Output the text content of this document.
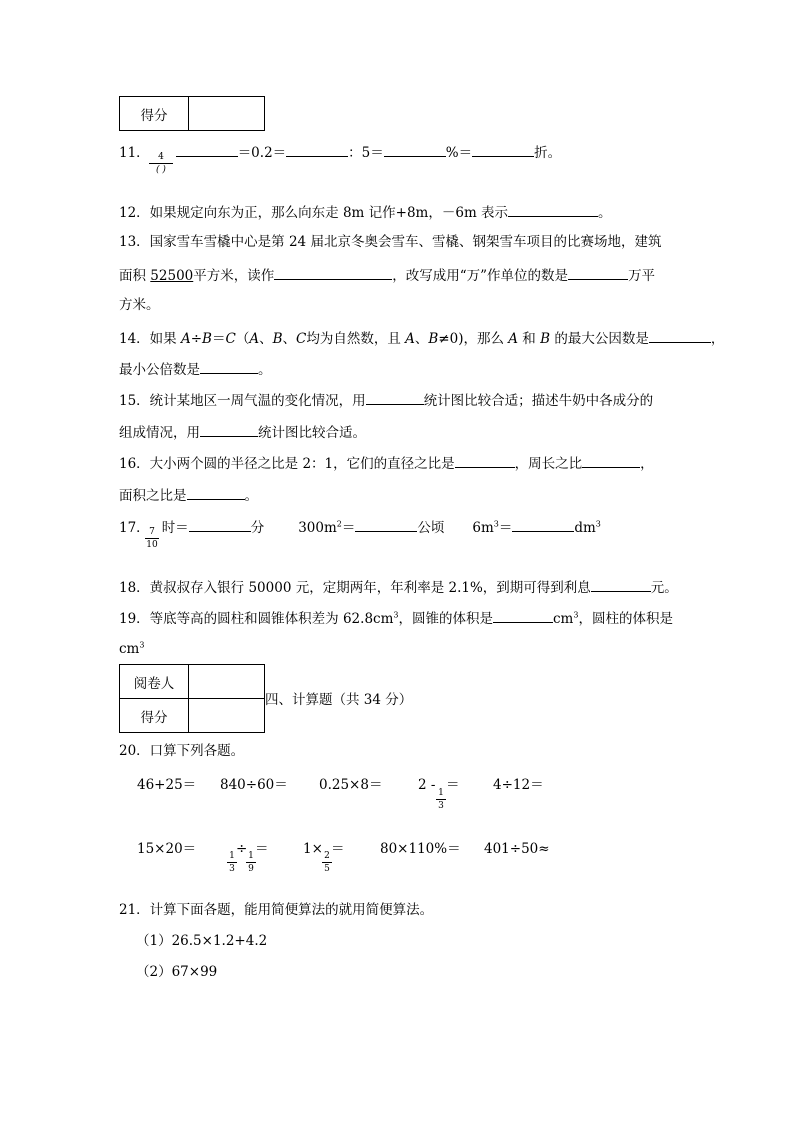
得分	
11．	＝0.2＝	：5＝	%＝	折。
4
( )
12．如果规定向东为正，那么向东走 8m 记作+8m，－6m 表示	。
13．国家雪车雪橇中心是第 24 届北京冬奥会雪车、雪橇、钢架雪车项目的比赛场地，建筑
面积 52500平方米，读作	，改写成用“万”作单位的数是	万平
方米。
14．如果 A÷B＝C（A、B、C均为自然数，且 A、B≠0)，那么 A 和 B 的最大公因数是	，
最小公倍数是	。
15．统计某地区一周气温的变化情况，用	统计图比较合适；描述牛奶中各成分的
组成情况，用	统计图比较合适。
16．大小两个圆的半径之比是 2：1，它们的直径之比是	，周长之比	，
面积之比是	。
17． 时＝	分	$300m^2=$	公顷 $6m^3=$	$dm^3$
7
10
18．黄叔叔存入银行 50000 元，定期两年，年利率是 2.1%，到期可得到利息	元。
19．等底等高的圆柱和圆锥体积差为 $62.8cm^3$，圆锥的体积是	$cm^3$，圆柱的体积是
$cm^3$
阅卷人	
得分	
四、计算题（共 34 分）
20．口算下列各题。
46+25＝ 840÷60＝ 0.25×8＝	2 - ＝
1
3
4÷12＝
15×20＝	1
3
÷ 1
9
＝	1× 2
5
＝	80×110%＝ 401÷50≈
21．计算下面各题，能用简便算法的就用简便算法。
（1）26.5×1.2+4.2
（2）67×99
